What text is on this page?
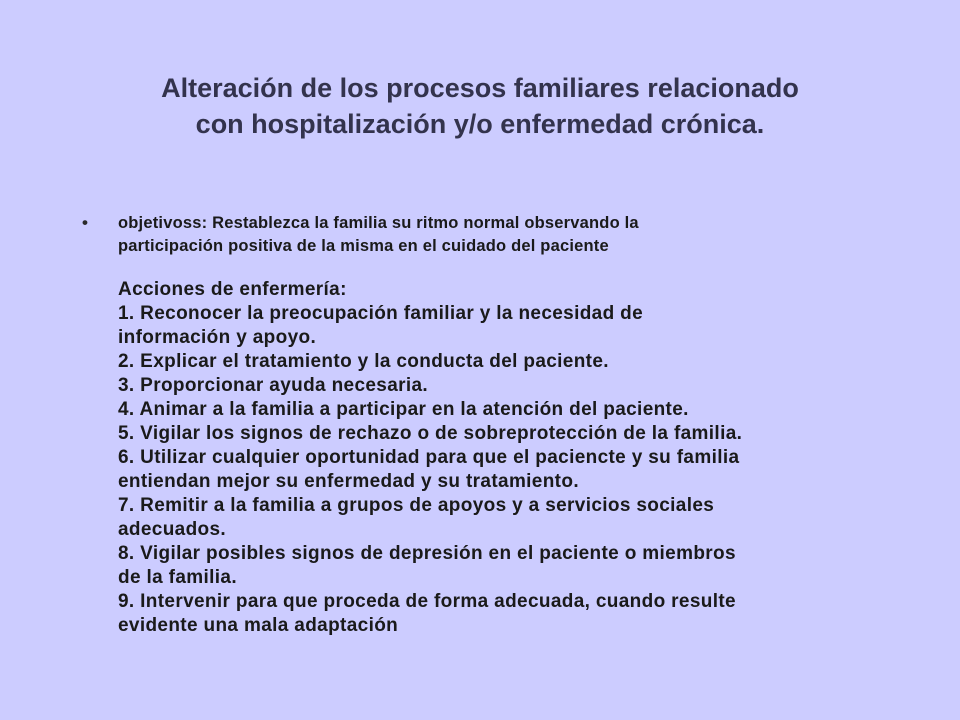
Alteración de los procesos familiares relacionado
con hospitalización y/o enfermedad crónica.
• objetivoss: Restablezca la familia su ritmo normal observando la
participación positiva de la misma en el cuidado del paciente
Acciones de enfermería:
1. Reconocer la preocupación familiar y la necesidad de
información y apoyo.
2. Explicar el tratamiento y la conducta del paciente.
3. Proporcionar ayuda necesaria.
4. Animar a la familia a participar en la atención del paciente.
5. Vigilar los signos de rechazo o de sobreprotección de la familia.
6. Utilizar cualquier oportunidad para que el paciencte y su familia
entiendan mejor su enfermedad y su tratamiento.
7. Remitir a la familia a grupos de apoyos y a servicios sociales
adecuados.
8. Vigilar posibles signos de depresión en el paciente o miembros
de la familia.
9. Intervenir para que proceda de forma adecuada, cuando resulte
evidente una mala adaptación
